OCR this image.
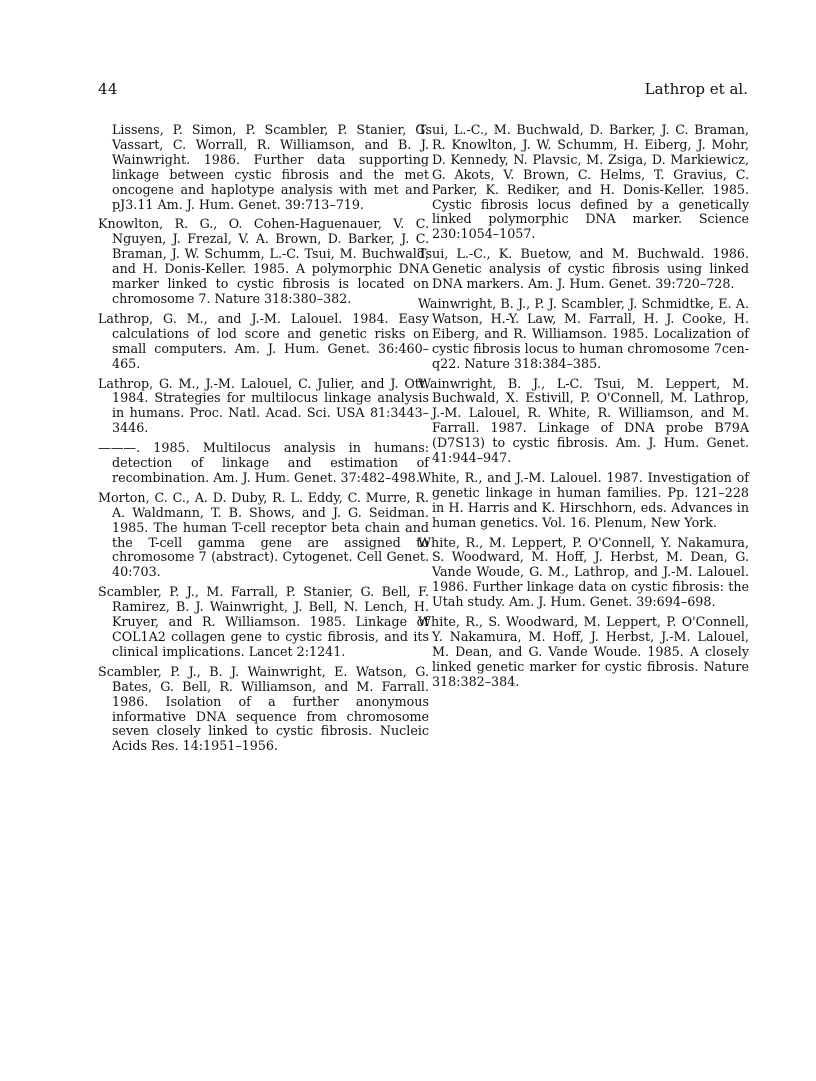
44	Lathrop et al.

Lissens, P. Simon, P. Scambler, P. Stanier, G. Vassart, C. Worrall, R. Williamson, and B. J. Wainwright. 1986. Further data supporting linkage between cystic fibrosis and the met oncogene and haplotype analysis with met and pJ3.11 Am. J. Hum. Genet. 39:713–719.

Knowlton, R. G., O. Cohen-Haguenauer, V. C. Nguyen, J. Frezal, V. A. Brown, D. Barker, J. C. Braman, J. W. Schumm, L.-C. Tsui, M. Buchwald, and H. Donis-Keller. 1985. A polymorphic DNA marker linked to cystic fibrosis is located on chromosome 7. Nature 318:380–382.

Lathrop, G. M., and J.-M. Lalouel. 1984. Easy calculations of lod score and genetic risks on small computers. Am. J. Hum. Genet. 36:460–465.

Lathrop, G. M., J.-M. Lalouel, C. Julier, and J. Ott. 1984. Strategies for multilocus linkage analysis in humans. Proc. Natl. Acad. Sci. USA 81:3443–3446.

———. 1985. Multilocus analysis in humans: detection of linkage and estimation of recombination. Am. J. Hum. Genet. 37:482–498.

Morton, C. C., A. D. Duby, R. L. Eddy, C. Murre, R. A. Waldmann, T. B. Shows, and J. G. Seidman. 1985. The human T-cell receptor beta chain and the T-cell gamma gene are assigned to chromosome 7 (abstract). Cytogenet. Cell Genet. 40:703.

Scambler, P. J., M. Farrall, P. Stanier, G. Bell, F. Ramirez, B. J. Wainwright, J. Bell, N. Lench, H. Kruyer, and R. Williamson. 1985. Linkage of COL1A2 collagen gene to cystic fibrosis, and its clinical implications. Lancet 2:1241.

Scambler, P. J., B. J. Wainwright, E. Watson, G. Bates, G. Bell, R. Williamson, and M. Farrall. 1986. Isolation of a further anonymous informative DNA sequence from chromosome seven closely linked to cystic fibrosis. Nucleic Acids Res. 14:1951–1956.

Tsui, L.-C., M. Buchwald, D. Barker, J. C. Braman, R. Knowlton, J. W. Schumm, H. Eiberg, J. Mohr, D. Kennedy, N. Plavsic, M. Zsiga, D. Markiewicz, G. Akots, V. Brown, C. Helms, T. Gravius, C. Parker, K. Rediker, and H. Donis-Keller. 1985. Cystic fibrosis locus defined by a genetically linked polymorphic DNA marker. Science 230:1054–1057.

Tsui, L.-C., K. Buetow, and M. Buchwald. 1986. Genetic analysis of cystic fibrosis using linked DNA markers. Am. J. Hum. Genet. 39:720–728.

Wainwright, B. J., P. J. Scambler, J. Schmidtke, E. A. Watson, H.-Y. Law, M. Farrall, H. J. Cooke, H. Eiberg, and R. Williamson. 1985. Localization of cystic fibrosis locus to human chromosome 7cen-q22. Nature 318:384–385.

Wainwright, B. J., L-C. Tsui, M. Leppert, M. Buchwald, X. Estivill, P. O'Connell, M. Lathrop, J.-M. Lalouel, R. White, R. Williamson, and M. Farrall. 1987. Linkage of DNA probe B79A (D7S13) to cystic fibrosis. Am. J. Hum. Genet. 41:944–947.

White, R., and J.-M. Lalouel. 1987. Investigation of genetic linkage in human families. Pp. 121–228 in H. Harris and K. Hirschhorn, eds. Advances in human genetics. Vol. 16. Plenum, New York.

White, R., M. Leppert, P. O'Connell, Y. Nakamura, S. Woodward, M. Hoff, J. Herbst, M. Dean, G. Vande Woude, G. M., Lathrop, and J.-M. Lalouel. 1986. Further linkage data on cystic fibrosis: the Utah study. Am. J. Hum. Genet. 39:694–698.

White, R., S. Woodward, M. Leppert, P. O'Connell, Y. Nakamura, M. Hoff, J. Herbst, J.-M. Lalouel, M. Dean, and G. Vande Woude. 1985. A closely linked genetic marker for cystic fibrosis. Nature 318:382–384.
